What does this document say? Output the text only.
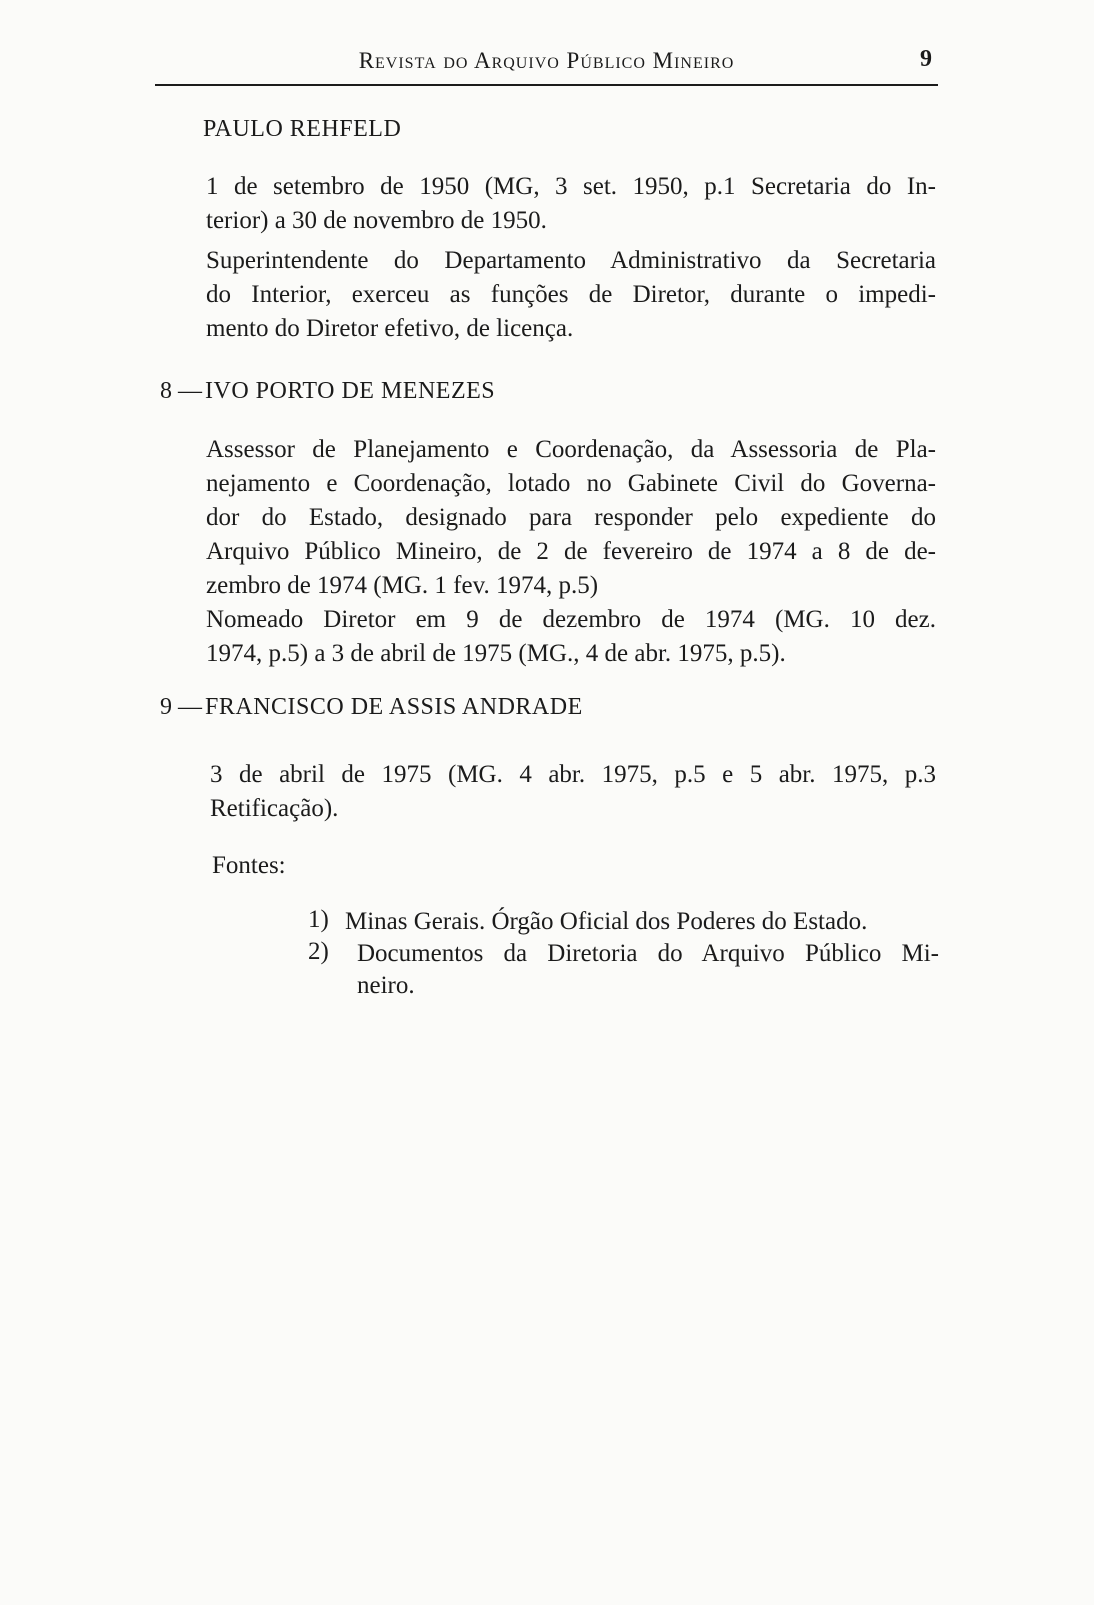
Revista do Arquivo Público Mineiro	9
PAULO REHFELD
1 de setembro de 1950 (MG, 3 set. 1950, p.1 Secretaria do In-
terior) a 30 de novembro de 1950.
Superintendente do Departamento Administrativo da Secretaria
do Interior, exerceu as funções de Diretor, durante o impedi-
mento do Diretor efetivo, de licença.
8 — IVO PORTO DE MENEZES
Assessor de Planejamento e Coordenação, da Assessoria de Pla-
nejamento e Coordenação, lotado no Gabinete Civil do Governa-
dor do Estado, designado para responder pelo expediente do
Arquivo Público Mineiro, de 2 de fevereiro de 1974 a 8 de de-
zembro de 1974 (MG. 1 fev. 1974, p.5)
Nomeado Diretor em 9 de dezembro de 1974 (MG. 10 dez.
1974, p.5) a 3 de abril de 1975 (MG., 4 de abr. 1975, p.5).
9 — FRANCISCO DE ASSIS ANDRADE
3 de abril de 1975 (MG. 4 abr. 1975, p.5 e 5 abr. 1975, p.3
Retificação).
Fontes:
1) Minas Gerais. Órgão Oficial dos Poderes do Estado.
2) Documentos da Diretoria do Arquivo Público Mi-
neiro.
